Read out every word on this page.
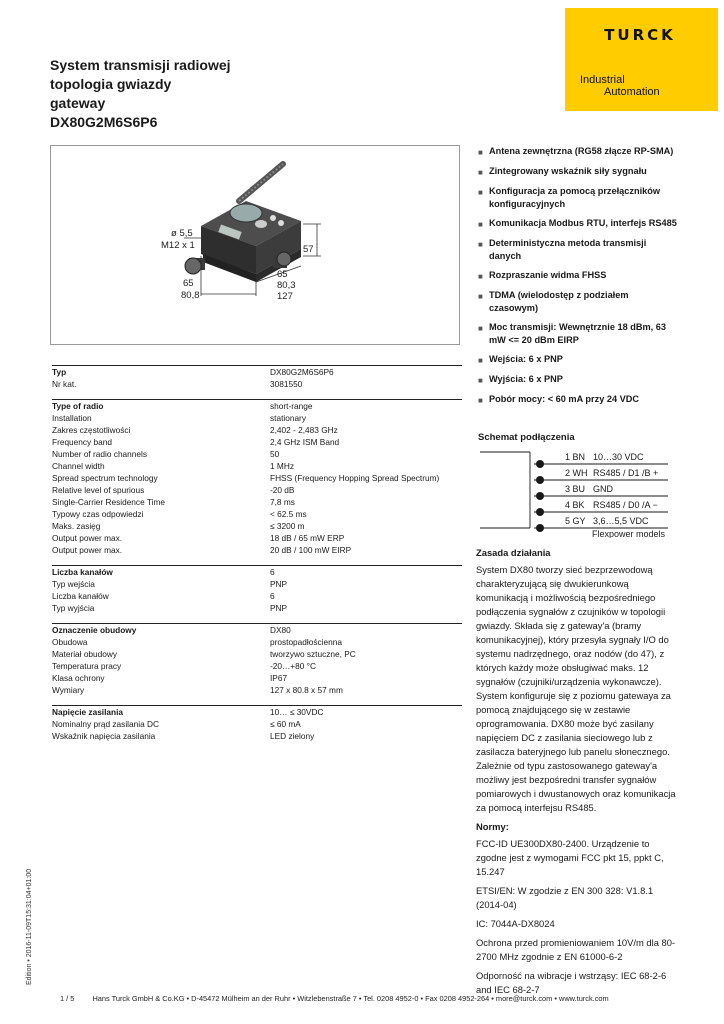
System transmisji radiowej
topologia gwiazdy
gateway
DX80G2M6S6P6
TURCK
Industrial
Automation
ø 5,5
M12 x 1	57
65
80,3
127
65
80,8
Typ	DX80G2M6S6P6
Nr kat.	3081550
Type of radio	short-range
Installation	stationary
Zakres częstotliwości	2,402 - 2,483 GHz
Frequency band	2,4 GHz ISM Band
Number of radio channels	50
Channel width	1 MHz
Spread spectrum technology	FHSS (Frequency Hopping Spread Spectrum)
Relative level of spurious	-20 dB
Single-Carrier Residence Time	7,8 ms
Typowy czas odpowiedzi	< 62.5 ms
Maks. zasięg	≤ 3200 m
Output power max.	18 dB / 65 mW ERP
Output power max.	20 dB / 100 mW EIRP
Liczba kanałów	6
Typ wejścia	PNP
Liczba kanałów	6
Typ wyjścia	PNP
Oznaczenie obudowy	DX80
Obudowa	prostopadłościenna
Materiał obudowy	tworzywo sztuczne, PC
Temperatura pracy	-20…+80 °C
Klasa ochrony	IP67
Wymiary	127 x 80.8 x 57 mm
Napięcie zasilania	10… ≤ 30VDC
Nominalny prąd zasilania DC	≤ 60 mA
Wskaźnik napięcia zasilania	LED zielony
■ Antena zewnętrzna (RG58 złącze RP-SMA)
■ Zintegrowany wskaźnik siły sygnału
■ Konfiguracja za pomocą przełączników konfiguracyjnych
■ Komunikacja Modbus RTU, interfejs RS485
■ Deterministyczna metoda transmisji danych
■ Rozpraszanie widma FHSS
■ TDMA (wielodostęp z podziałem czasowym)
■ Moc transmisji: Wewnętrznie 18 dBm, 63 mW <= 20 dBm EIRP
■ Wejścia: 6 x PNP
■ Wyjścia: 6 x PNP
■ Pobór mocy: < 60 mA przy 24 VDC
Schemat podłączenia
1 BN 10…30 VDC
2 WH RS485 / D1 /B +
3 BU GND
4 BK RS485 / D0 /A −
5 GY 3,6…5,5 VDC
Flexpower models
Zasada działania

System DX80 tworzy sieć bezprzewodową charakteryzującą się dwukierunkową komunikacją i możliwością bezpośredniego podłączenia sygnałów z czujników w topologii gwiazdy. Składa się z gateway'a (bramy komunikacyjnej), który przesyła sygnały I/O do systemu nadrzędnego, oraz nodów (do 47), z których każdy może obsługiwać maks. 12 sygnałów (czujniki/urządzenia wykonawcze). System konfiguruje się z poziomu gatewaya za pomocą znajdującego się w zestawie oprogramowania. DX80 może być zasilany napięciem DC z zasilania sieciowego lub z zasilacza bateryjnego lub panelu słonecznego. Zależnie od typu zastosowanego gateway'a możliwy jest bezpośredni transfer sygnałów pomiarowych i dwustanowych oraz komunikacja za pomocą interfejsu RS485.

Normy:

FCC-ID UE300DX80-2400. Urządzenie to zgodne jest z wymogami FCC pkt 15, ppkt C, 15.247

ETSI/EN: W zgodzie z EN 300 328: V1.8.1 (2014-04)

IC: 7044A-DX8024

Ochrona przed promieniowaniem 10V/m dla 80-2700 MHz zgodnie z EN 61000-6-2

Odporność na wibracje i wstrząsy: IEC 68-2-6 and IEC 68-2-7

Edition • 2016-11-09T15:31:04+01:00
1 / 5 Hans Turck GmbH & Co.KG • D-45472 Mülheim an der Ruhr • Witzlebenstraße 7 • Tel. 0208 4952-0 • Fax 0208 4952-264 • more@turck.com • www.turck.com
